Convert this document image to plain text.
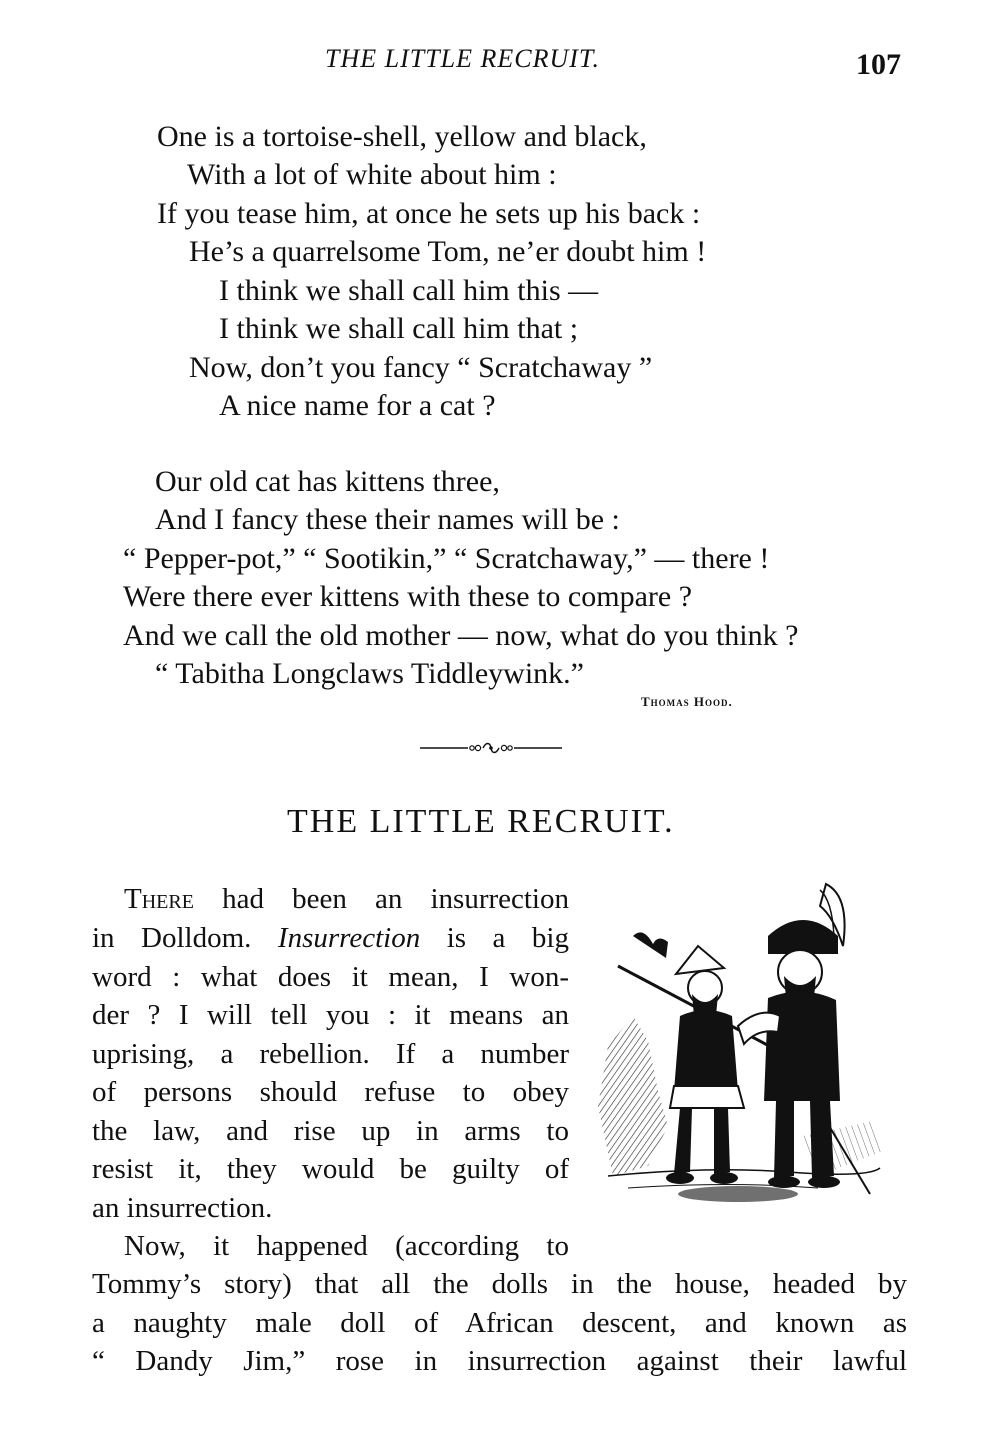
THE LITTLE RECRUIT.	107
One is a tortoise-shell, yellow and black,
With a lot of white about him :
If you tease him, at once he sets up his back :
He’s a quarrelsome Tom, ne’er doubt him !
I think we shall call him this —
I think we shall call him that ;
Now, don’t you fancy “ Scratchaway ”
A nice name for a cat ?
Our old cat has kittens three,
And I fancy these their names will be :
“ Pepper-pot,” “ Sootikin,” “ Scratchaway,” — there !
Were there ever kittens with these to compare ?
And we call the old mother — now, what do you think ?
“ Tabitha Longclaws Tiddleywink.”
Thomas Hood.
THE LITTLE RECRUIT.
There had been an insurrection
in Dolldom. Insurrection is a big
word : what does it mean, I won-
der ? I will tell you : it means an
uprising, a rebellion. If a number
of persons should refuse to obey
the law, and rise up in arms to
resist it, they would be guilty of
an insurrection.
Now, it happened (according to
Tommy’s story) that all the dolls in the house, headed by
a naughty male doll of African descent, and known as
“ Dandy Jim,” rose in insurrection against their lawful
